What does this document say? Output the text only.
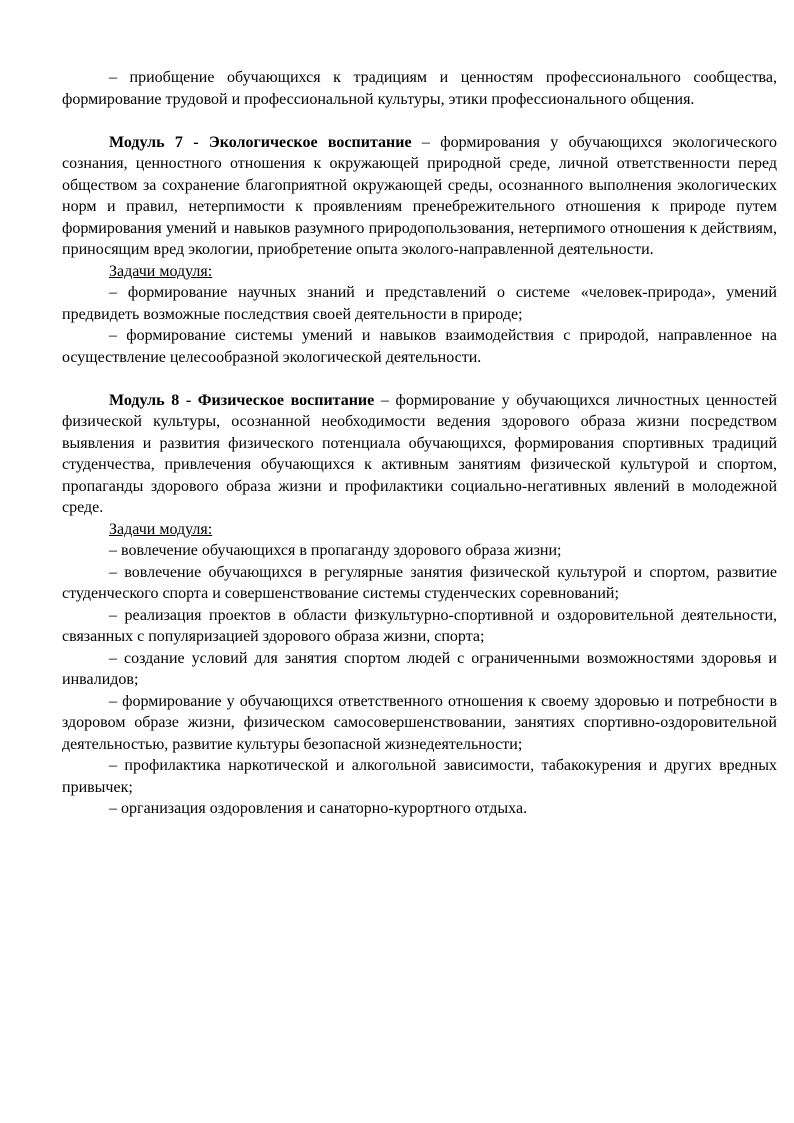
– приобщение обучающихся к традициям и ценностям профессионального сообщества, формирование трудовой и профессиональной культуры, этики профессионального общения.

Модуль 7 - Экологическое воспитание – формирования у обучающихся экологического сознания, ценностного отношения к окружающей природной среде, личной ответственности перед обществом за сохранение благоприятной окружающей среды, осознанного выполнения экологических норм и правил, нетерпимости к проявлениям пренебрежительного отношения к природе путем формирования умений и навыков разумного природопользования, нетерпимого отношения к действиям, приносящим вред экологии, приобретение опыта эколого-направленной деятельности.

Задачи модуля:

– формирование научных знаний и представлений о системе «человек-природа», умений предвидеть возможные последствия своей деятельности в природе;

– формирование системы умений и навыков взаимодействия с природой, направленное на осуществление целесообразной экологической деятельности.

Модуль 8 - Физическое воспитание – формирование у обучающихся личностных ценностей физической культуры, осознанной необходимости ведения здорового образа жизни посредством выявления и развития физического потенциала обучающихся, формирования спортивных традиций студенчества, привлечения обучающихся к активным занятиям физической культурой и спортом, пропаганды здорового образа жизни и профилактики социально-негативных явлений в молодежной среде.

Задачи модуля:

– вовлечение обучающихся в пропаганду здорового образа жизни;

– вовлечение обучающихся в регулярные занятия физической культурой и спортом, развитие студенческого спорта и совершенствование системы студенческих соревнований;

– реализация проектов в области физкультурно-спортивной и оздоровительной деятельности, связанных с популяризацией здорового образа жизни, спорта;

– создание условий для занятия спортом людей с ограниченными возможностями здоровья и инвалидов;

– формирование у обучающихся ответственного отношения к своему здоровью и потребности в здоровом образе жизни, физическом самосовершенствовании, занятиях спортивно-оздоровительной деятельностью, развитие культуры безопасной жизнедеятельности;

– профилактика наркотической и алкогольной зависимости, табакокурения и других вредных привычек;

– организация оздоровления и санаторно-курортного отдыха.
